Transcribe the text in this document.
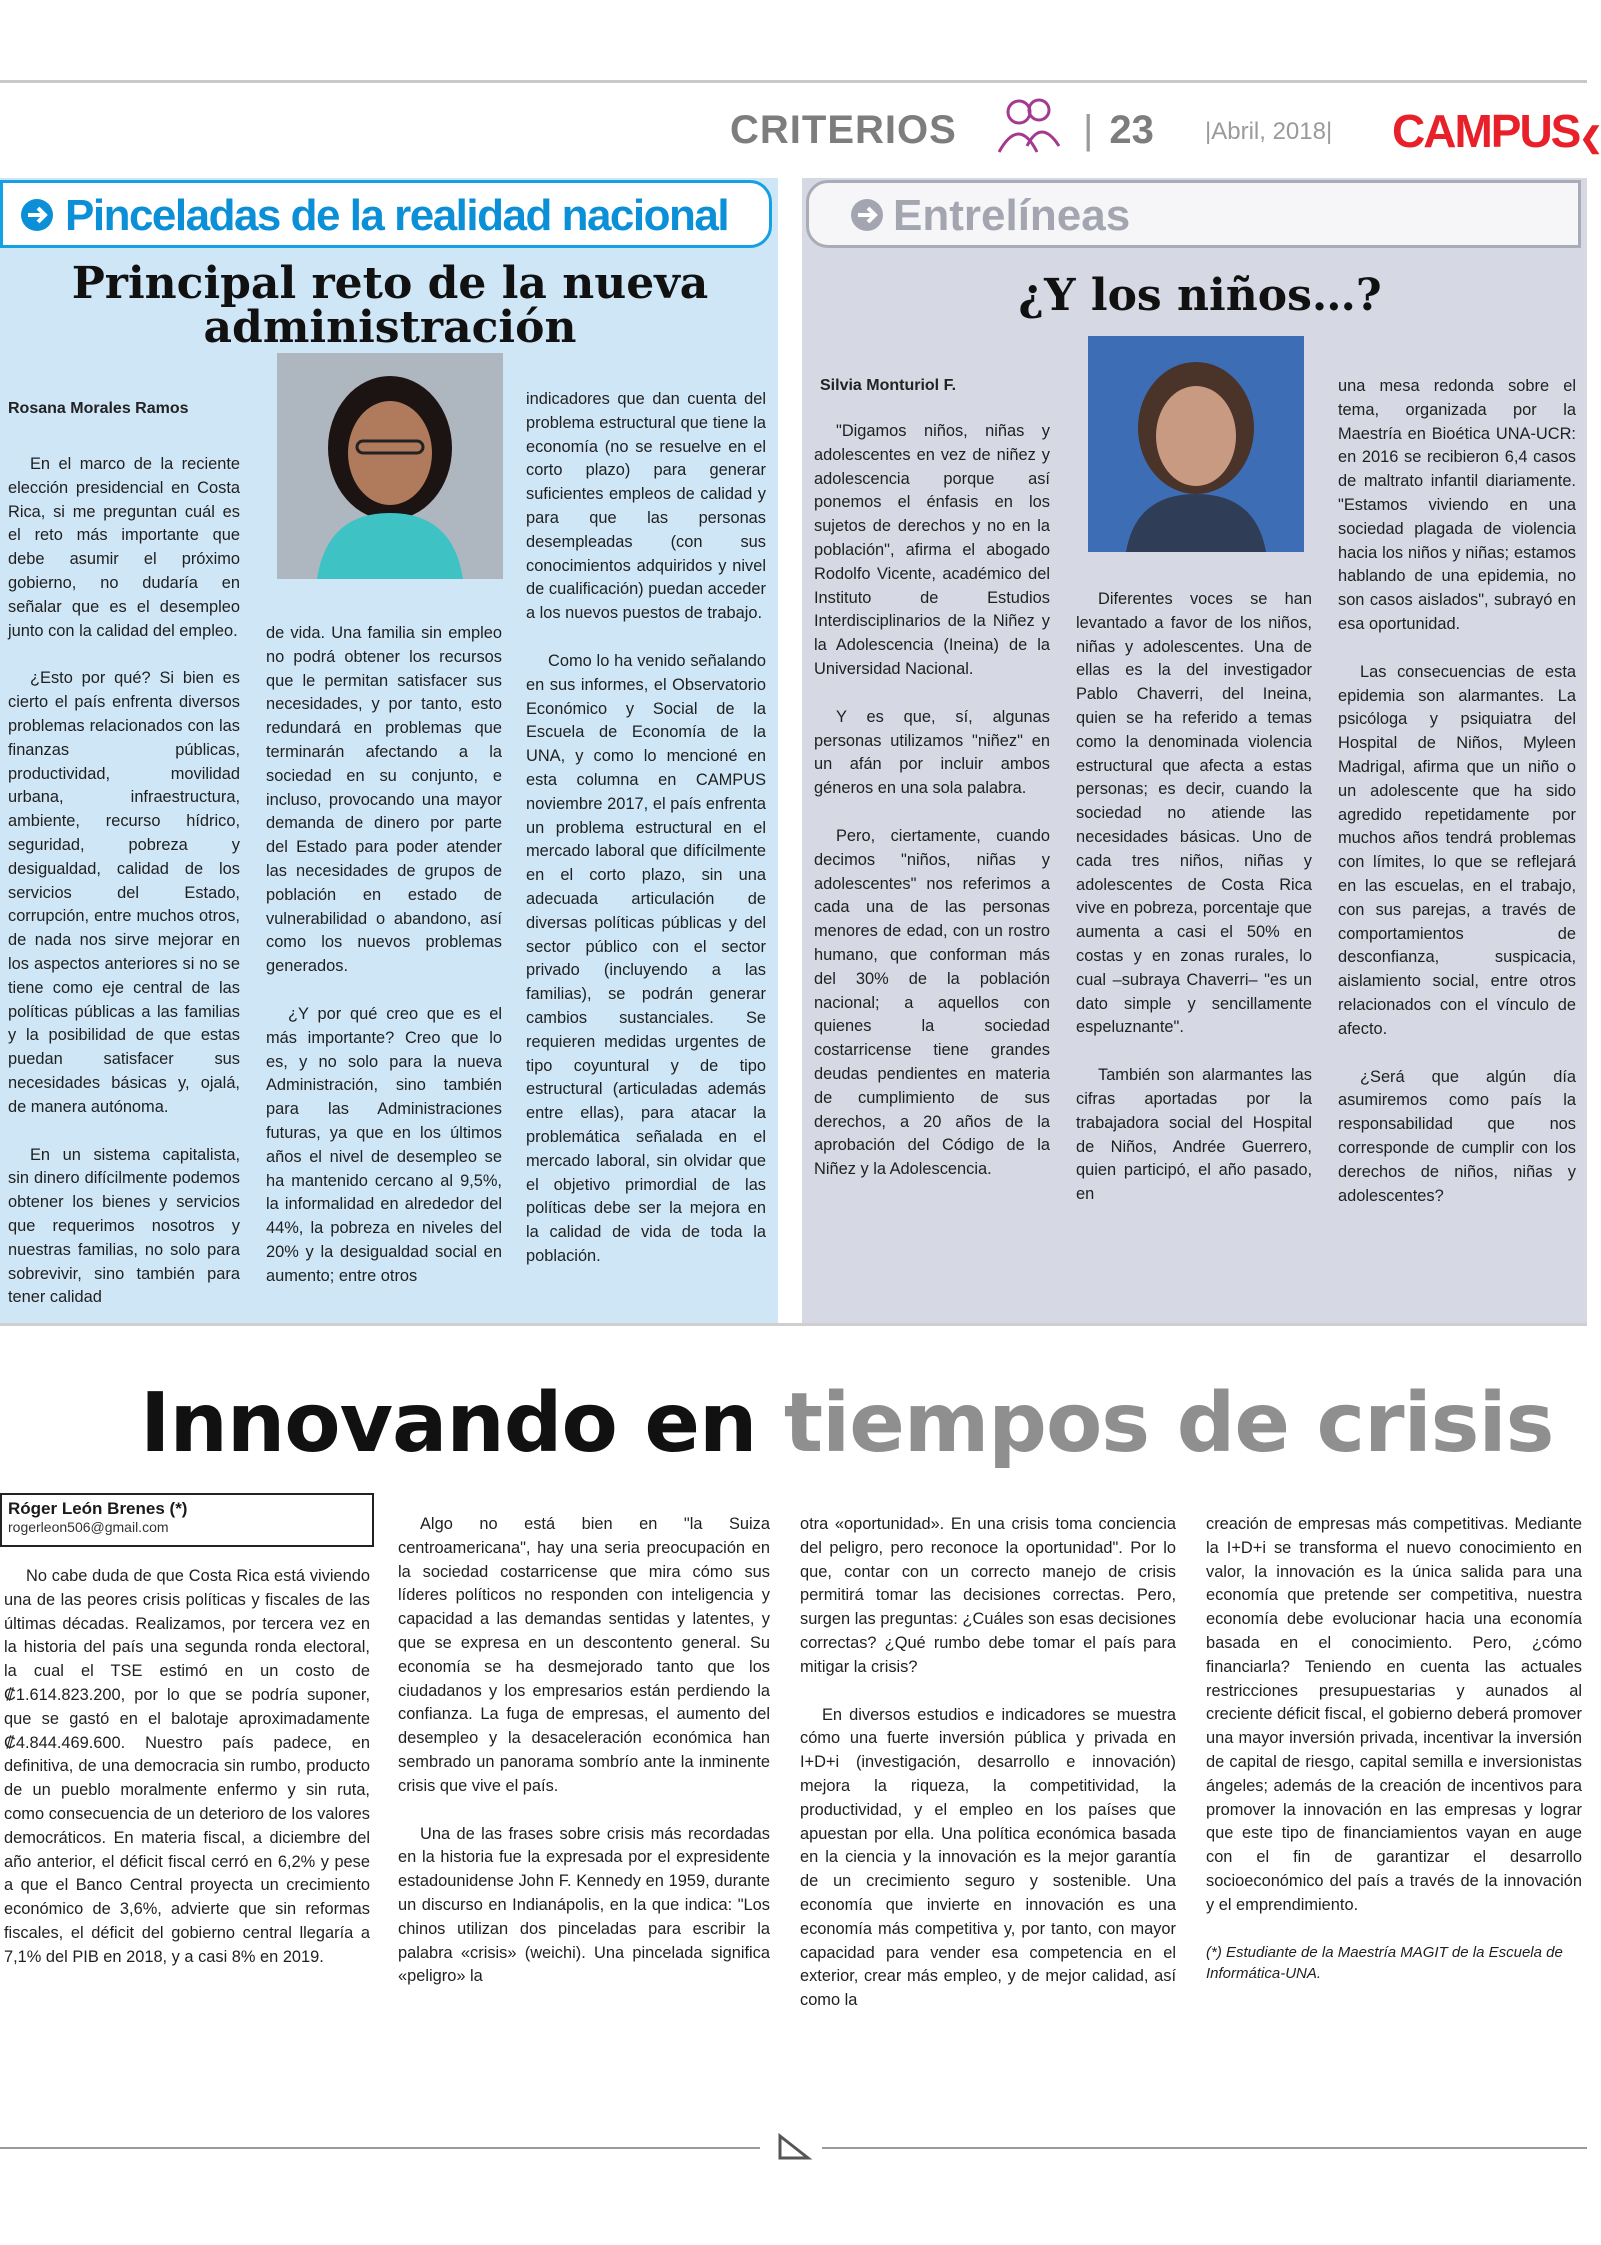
CRITERIOS	| 23 |Abril, 2018| CAMPUS❮
Pinceladas de la realidad nacional	Entrelíneas
Principal reto de la nueva administración
Rosana Morales Ramos

En el marco de la reciente elección presidencial en Costa Rica, si me preguntan cuál es el reto más importante que debe asumir el próximo gobierno, no dudaría en señalar que es el desempleo junto con la calidad del empleo.

¿Esto por qué? Si bien es cierto el país enfrenta diversos problemas relacionados con las finanzas públicas, productividad, movilidad urbana, infraestructura, ambiente, recurso hídrico, seguridad, pobreza y desigualdad, calidad de los servicios del Estado, corrupción, entre muchos otros, de nada nos sirve mejorar en los aspectos anteriores si no se tiene como eje central de las políticas públicas a las familias y la posibilidad de que estas puedan satisfacer sus necesidades básicas y, ojalá, de manera autónoma.

En un sistema capitalista, sin dinero difícilmente podemos obtener los bienes y servicios que requerimos nosotros y nuestras familias, no solo para sobrevivir, sino también para tener calidad

de vida. Una familia sin empleo no podrá obtener los recursos que le permitan satisfacer sus necesidades, y por tanto, esto redundará en problemas que terminarán afectando a la sociedad en su conjunto, e incluso, provocando una mayor demanda de dinero por parte del Estado para poder atender las necesidades de grupos de población en estado de vulnerabilidad o abandono, así como los nuevos problemas generados.

¿Y por qué creo que es el más importante? Creo que lo es, y no solo para la nueva Administración, sino también para las Administraciones futuras, ya que en los últimos años el nivel de desempleo se ha mantenido cercano al 9,5%, la informalidad en alrededor del 44%, la pobreza en niveles del 20% y la desigualdad social en aumento; entre otros

indicadores que dan cuenta del problema estructural que tiene la economía (no se resuelve en el corto plazo) para generar suficientes empleos de calidad y para que las personas desempleadas (con sus conocimientos adquiridos y nivel de cualificación) puedan acceder a los nuevos puestos de trabajo.

Como lo ha venido señalando en sus informes, el Observatorio Económico y Social de la Escuela de Economía de la UNA, y como lo mencioné en esta columna en CAMPUS noviembre 2017, el país enfrenta un problema estructural en el mercado laboral que difícilmente en el corto plazo, sin una adecuada articulación de diversas políticas públicas y del sector público con el sector privado (incluyendo a las familias), se podrán generar cambios sustanciales. Se requieren medidas urgentes de tipo coyuntural y de tipo estructural (articuladas además entre ellas), para atacar la problemática señalada en el mercado laboral, sin olvidar que el objetivo primordial de las políticas debe ser la mejora en la calidad de vida de toda la población.

¿Y los niños…?
Silvia Monturiol F.

"Digamos niños, niñas y adolescentes en vez de niñez y adolescencia porque así ponemos el énfasis en los sujetos de derechos y no en la población", afirma el abogado Rodolfo Vicente, académico del Instituto de Estudios Interdisciplinarios de la Niñez y la Adolescencia (Ineina) de la Universidad Nacional.

Y es que, sí, algunas personas utilizamos "niñez" en un afán por incluir ambos géneros en una sola palabra.

Pero, ciertamente, cuando decimos "niños, niñas y adolescentes" nos referimos a cada una de las personas menores de edad, con un rostro humano, que conforman más del 30% de la población nacional; a aquellos con quienes la sociedad costarricense tiene grandes deudas pendientes en materia de cumplimiento de sus derechos, a 20 años de la aprobación del Código de la Niñez y la Adolescencia.

Diferentes voces se han levantado a favor de los niños, niñas y adolescentes. Una de ellas es la del investigador Pablo Chaverri, del Ineina, quien se ha referido a temas como la denominada violencia estructural que afecta a estas personas; es decir, cuando la sociedad no atiende las necesidades básicas. Uno de cada tres niños, niñas y adolescentes de Costa Rica vive en pobreza, porcentaje que aumenta a casi el 50% en costas y en zonas rurales, lo cual –subraya Chaverri– "es un dato simple y sencillamente espeluznante".

También son alarmantes las cifras aportadas por la trabajadora social del Hospital de Niños, Andrée Guerrero, quien participó, el año pasado, en

una mesa redonda sobre el tema, organizada por la Maestría en Bioética UNA-UCR: en 2016 se recibieron 6,4 casos de maltrato infantil diariamente. "Estamos viviendo en una sociedad plagada de violencia hacia los niños y niñas; estamos hablando de una epidemia, no son casos aislados", subrayó en esa oportunidad.

Las consecuencias de esta epidemia son alarmantes. La psicóloga y psiquiatra del Hospital de Niños, Myleen Madrigal, afirma que un niño o un adolescente que ha sido agredido repetidamente por muchos años tendrá problemas con límites, lo que se reflejará en las escuelas, en el trabajo, con sus parejas, a través de comportamientos de desconfianza, suspicacia, aislamiento social, entre otros relacionados con el vínculo de afecto.

¿Será que algún día asumiremos como país la responsabilidad que nos corresponde de cumplir con los derechos de niños, niñas y adolescentes?

Innovando en tiempos de crisis
Róger León Brenes (*)
rogerleon506@gmail.com

No cabe duda de que Costa Rica está viviendo una de las peores crisis políticas y fiscales de las últimas décadas. Realizamos, por tercera vez en la historia del país una segunda ronda electoral, la cual el TSE estimó en un costo de ₡1.614.823.200, por lo que se podría suponer, que se gastó en el balotaje aproximadamente ₡4.844.469.600. Nuestro país padece, en definitiva, de una democracia sin rumbo, producto de un pueblo moralmente enfermo y sin ruta, como consecuencia de un deterioro de los valores democráticos. En materia fiscal, a diciembre del año anterior, el déficit fiscal cerró en 6,2% y pese a que el Banco Central proyecta un crecimiento económico de 3,6%, advierte que sin reformas fiscales, el déficit del gobierno central llegaría a 7,1% del PIB en 2018, y a casi 8% en 2019.

Algo no está bien en "la Suiza centroamericana", hay una seria preocupación en la sociedad costarricense que mira cómo sus líderes políticos no responden con inteligencia y capacidad a las demandas sentidas y latentes, y que se expresa en un descontento general. Su economía se ha desmejorado tanto que los ciudadanos y los empresarios están perdiendo la confianza. La fuga de empresas, el aumento del desempleo y la desaceleración económica han sembrado un panorama sombrío ante la inminente crisis que vive el país.

Una de las frases sobre crisis más recordadas en la historia fue la expresada por el expresidente estadounidense John F. Kennedy en 1959, durante un discurso en Indianápolis, en la que indica: "Los chinos utilizan dos pinceladas para escribir la palabra «crisis» (weichi). Una pincelada significa «peligro» la

otra «oportunidad». En una crisis toma conciencia del peligro, pero reconoce la oportunidad". Por lo que, contar con un correcto manejo de crisis permitirá tomar las decisiones correctas. Pero, surgen las preguntas: ¿Cuáles son esas decisiones correctas? ¿Qué rumbo debe tomar el país para mitigar la crisis?

En diversos estudios e indicadores se muestra cómo una fuerte inversión pública y privada en I+D+i (investigación, desarrollo e innovación) mejora la riqueza, la competitividad, la productividad, y el empleo en los países que apuestan por ella. Una política económica basada en la ciencia y la innovación es la mejor garantía de un crecimiento seguro y sostenible. Una economía que invierte en innovación es una economía más competitiva y, por tanto, con mayor capacidad para vender esa competencia en el exterior, crear más empleo, y de mejor calidad, así como la

creación de empresas más competitivas. Mediante la I+D+i se transforma el nuevo conocimiento en valor, la innovación es la única salida para una economía que pretende ser competitiva, nuestra economía debe evolucionar hacia una economía basada en el conocimiento. Pero, ¿cómo financiarla? Teniendo en cuenta las actuales restricciones presupuestarias y aunados al creciente déficit fiscal, el gobierno deberá promover una mayor inversión privada, incentivar la inversión de capital de riesgo, capital semilla e inversionistas ángeles; además de la creación de incentivos para promover la innovación en las empresas y lograr que este tipo de financiamientos vayan en auge con el fin de garantizar el desarrollo socioeconómico del país a través de la innovación y el emprendimiento.

(*) Estudiante de la Maestría MAGIT de la Escuela de Informática-UNA.
